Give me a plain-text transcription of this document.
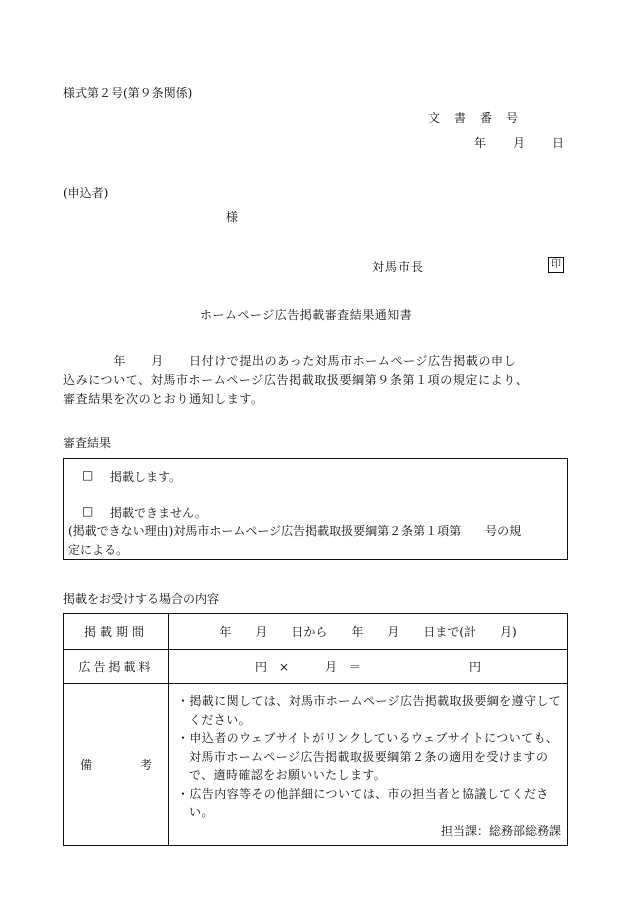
様式第２号(第９条関係)
文　書　番　号
年　　月　　日
(申込者)
様
対馬市長	印
ホームページ広告掲載審査結果通知書
　　　　年　　月　　日付けで提出のあった対馬市ホームページ広告掲載の申し
込みについて、対馬市ホームページ広告掲載取扱要綱第９条第１項の規定により、
審査結果を次のとおり通知します。
審査結果
□ 掲載します。
□ 掲載できません。
(掲載できない理由)対馬市ホームページ広告掲載取扱要綱第２条第１項第　　号の規
定による。
掲載をお受けする場合の内容
掲載期間	年　　月　　日から　　年　　月　　日まで(計　　月)
広告掲載料	円　×　　　月　＝　　　　　　　　　円
備　　　　考	・掲載に関しては、対馬市ホームページ広告掲載取扱要綱を遵守してください。
・申込者のウェブサイトがリンクしているウェブサイトについても、対馬市ホームページ広告掲載取扱要綱第２条の適用を受けますので、適時確認をお願いいたします。
・広告内容等その他詳細については、市の担当者と協議してください。
担当課：総務部総務課
